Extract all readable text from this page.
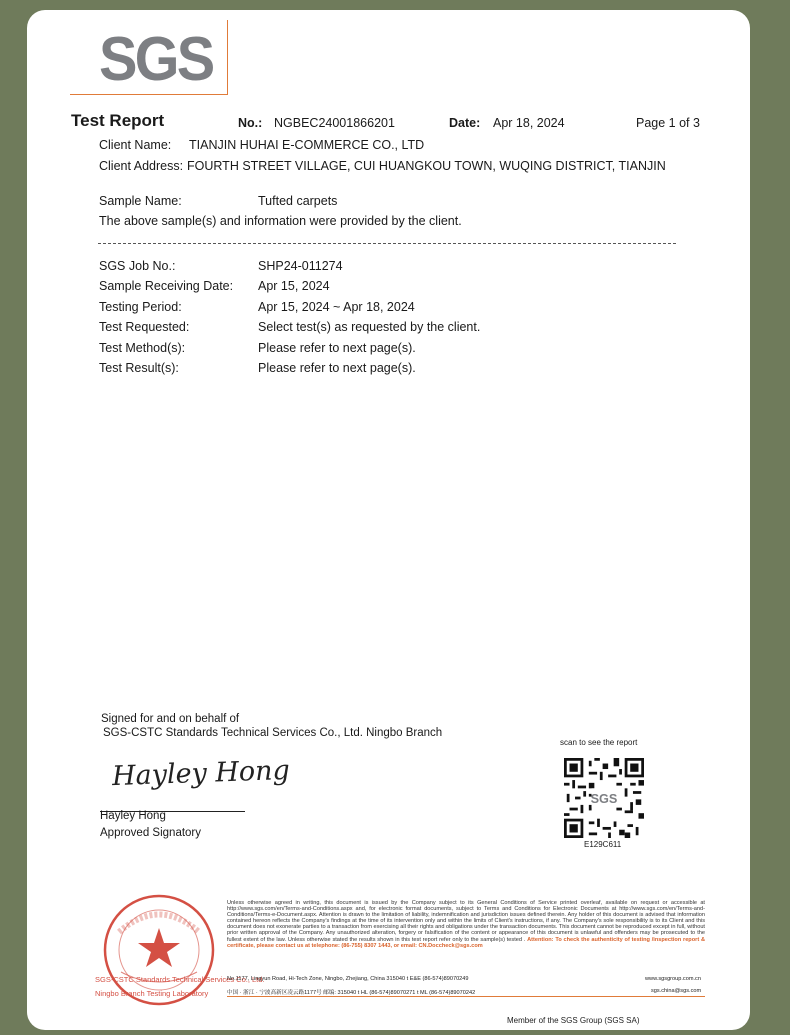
SGS
Test Report	No.: NGBEC24001866201	Date: Apr 18, 2024	Page 1 of 3
Client Name: TIANJIN HUHAI E-COMMERCE CO., LTD
Client Address: FOURTH STREET VILLAGE, CUI HUANGKOU TOWN, WUQING DISTRICT, TIANJIN
Sample Name:	Tufted carpets
The above sample(s) and information were provided by the client.
SGS Job No.:	SHP24-011274
Sample Receiving Date: Apr 15, 2024
Testing Period:	Apr 15, 2024 ~ Apr 18, 2024
Test Requested:	Select test(s) as requested by the client.
Test Method(s):	Please refer to next page(s).
Test Result(s):	Please refer to next page(s).
Signed for and on behalf of
SGS-CSTC Standards Technical Services Co., Ltd. Ningbo Branch
Hayley Hong
Hayley Hong
Approved Signatory
scan to see the report
SGS
E129C611
SGS-CSTC Standards Technical Services Co., Ltd.
Ningbo Branch Testing Laboratory
Unless otherwise agreed in writing, this document is issued by the Company subject to its General Conditions of Service printed overleaf, available on request or accessible at http://www.sgs.com/en/Terms-and-Conditions.aspx and, for electronic format documents, subject to Terms and Conditions for Electronic Documents at http://www.sgs.com/en/Terms-and-Conditions/Terms-e-Document.aspx. Attention is drawn to the limitation of liability, indemnification and jurisdiction issues defined therein. Any holder of this document is advised that information contained hereon reflects the Company's findings at the time of its intervention only and within the limits of Client's instructions, if any. The Company's sole responsibility is to its Client and this document does not exonerate parties to a transaction from exercising all their rights and obligations under the transaction documents. This document cannot be reproduced except in full, without prior written approval of the Company. Any unauthorized alteration, forgery or falsification of the content or appearance of this document is unlawful and offenders may be prosecuted to the fullest extent of the law. Unless otherwise stated the results shown in this test report refer only to the sample(s) tested . Attention: To check the authenticity of testing /inspection report & certificate, please contact us at telephone: (86-755) 8307 1443, or email: CN.Doccheck@sgs.com
No.1177, Lingyun Road, Hi-Tech Zone, Ningbo, Zhejiang, China 315040 t E&E (86-574)89070249	www.sgsgroup.com.cn
中国 · 浙江 · 宁波高新区凌云路1177号 邮编: 315040 t HL (86-574)89070271 t ML (86-574)89070242	sgs.china@sgs.com
Member of the SGS Group (SGS SA)
